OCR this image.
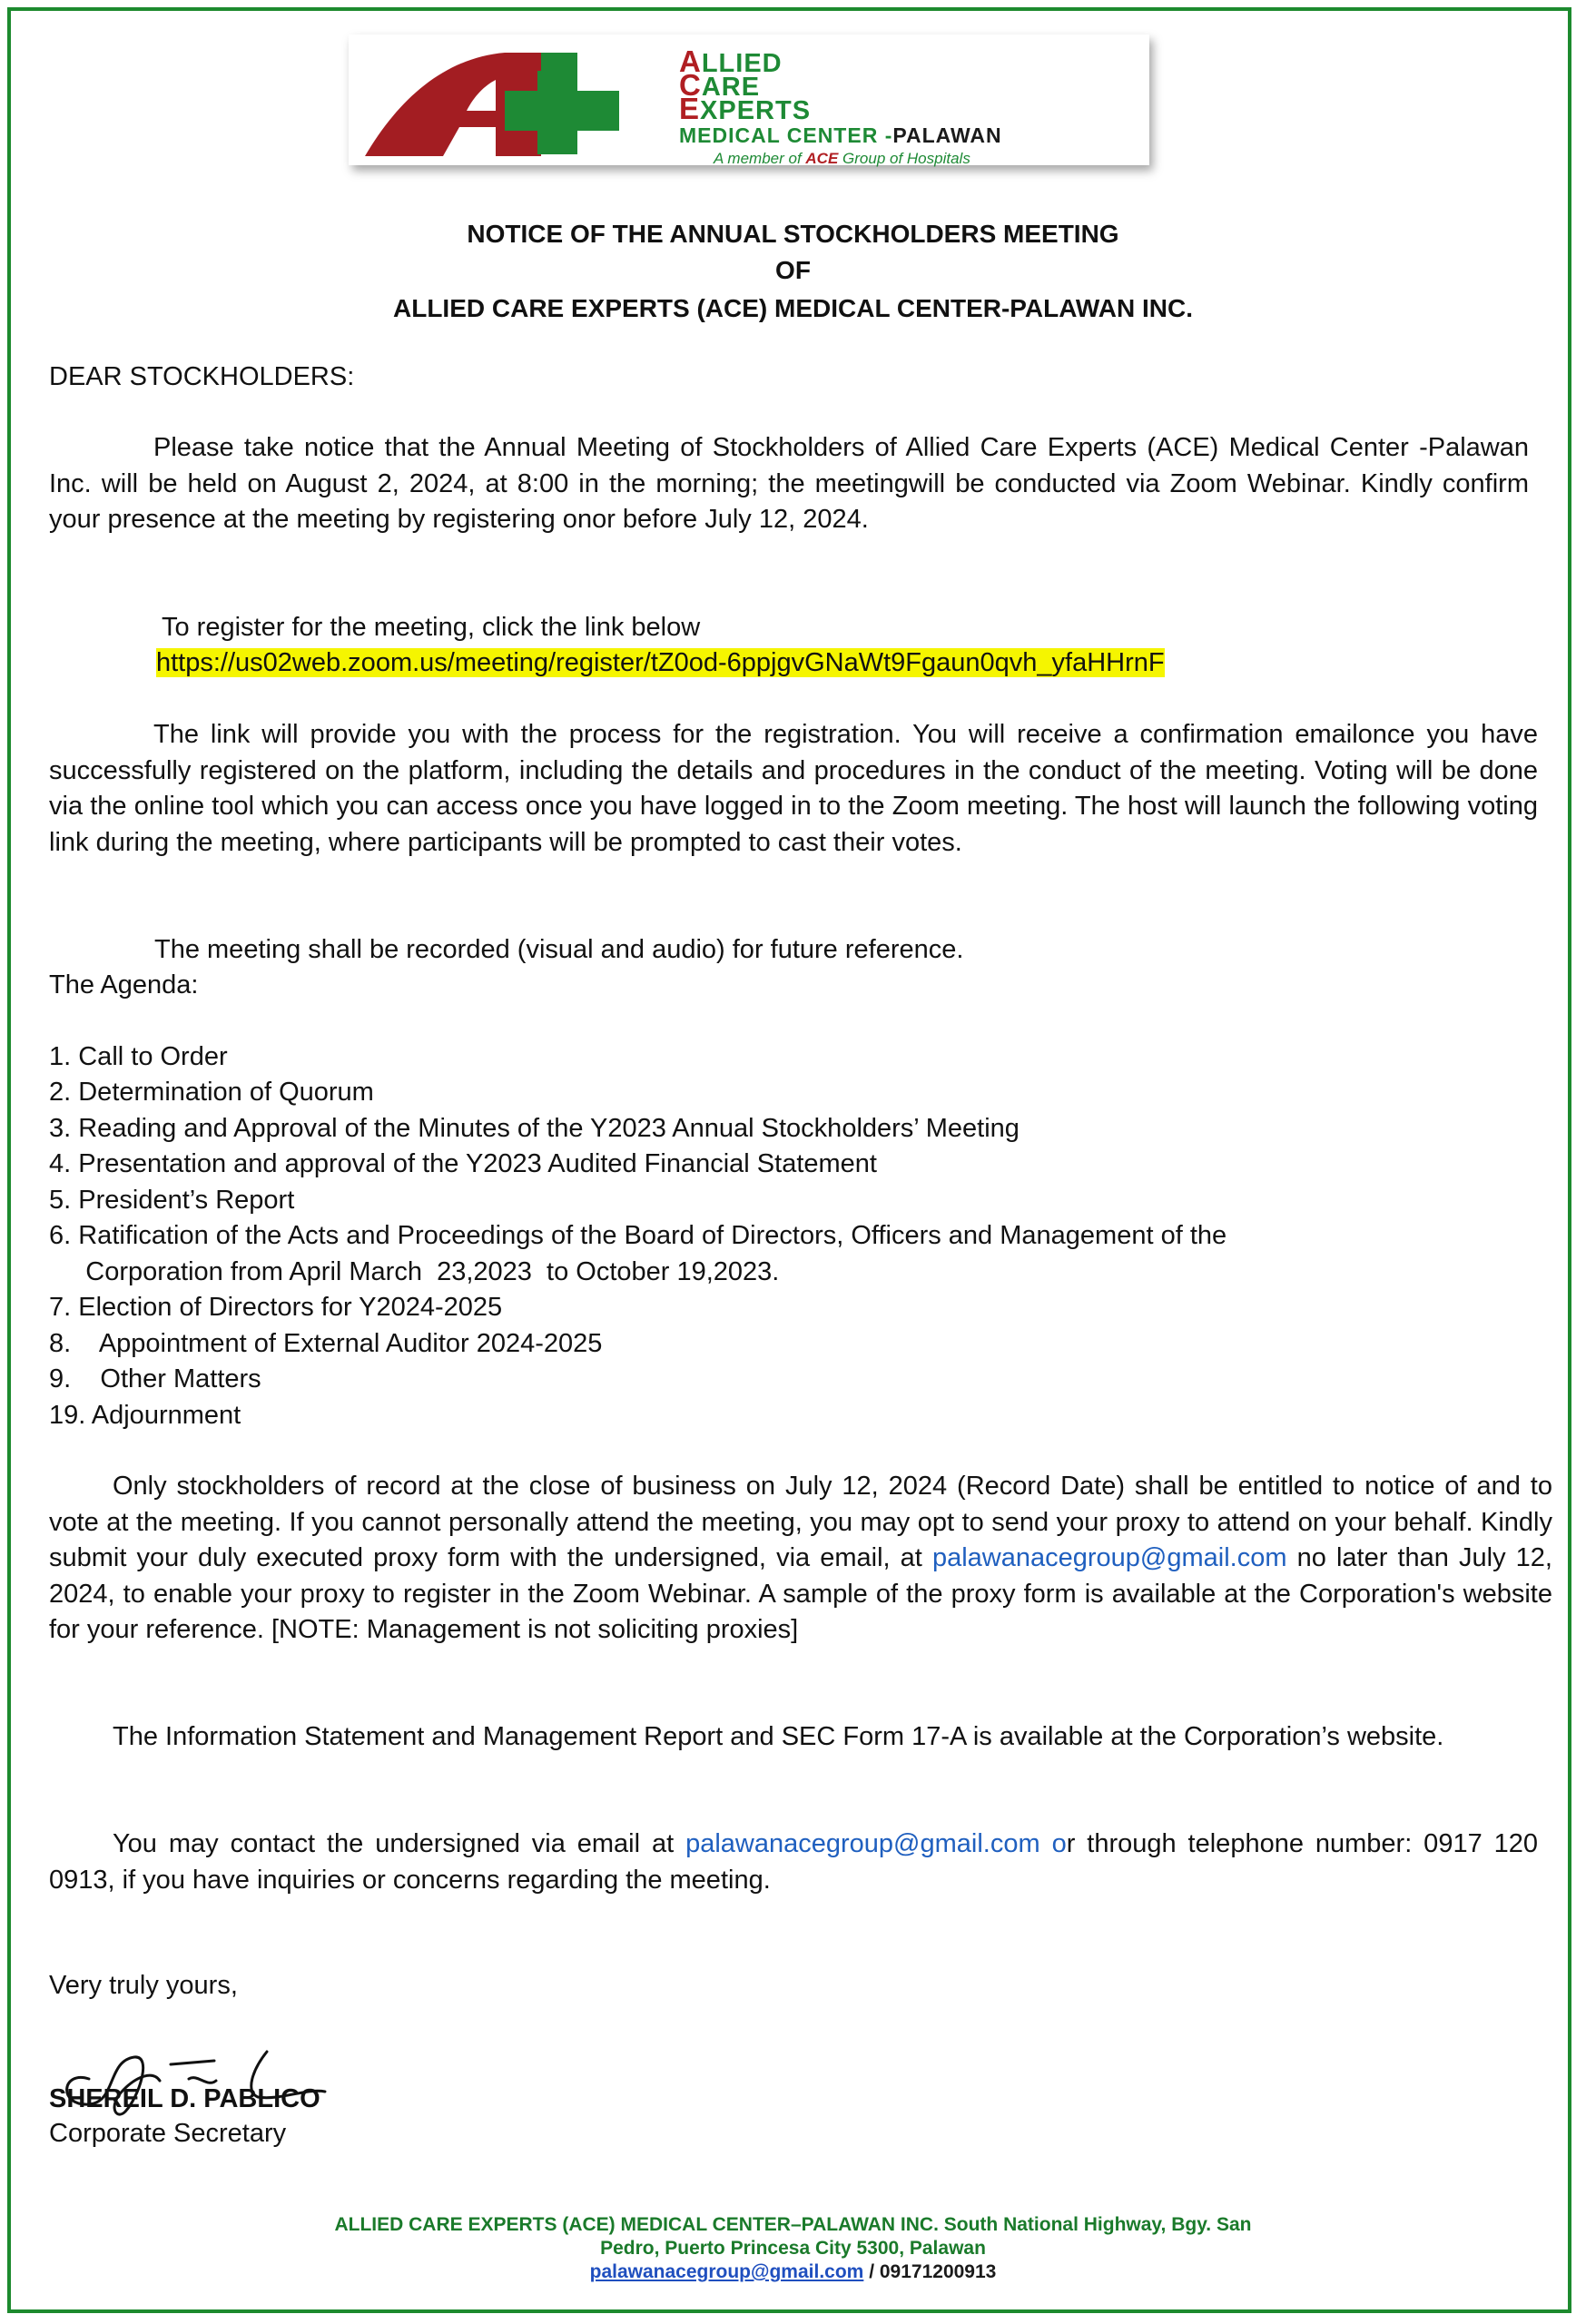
ALLIED
CARE
EXPERTS
MEDICAL CENTER -PALAWAN
A member of ACE Group of Hospitals
NOTICE OF THE ANNUAL STOCKHOLDERS MEETING
OF
ALLIED CARE EXPERTS (ACE) MEDICAL CENTER-PALAWAN INC.
DEAR STOCKHOLDERS:
Please take notice that the Annual Meeting of Stockholders of Allied Care Experts (ACE) Medical Center -Palawan Inc. will be held on August 2, 2024, at 8:00 in the morning; the meetingwill be conducted via Zoom Webinar. Kindly confirm your presence at the meeting by registering onor before July 12, 2024.
To register for the meeting, click the link below
https://us02web.zoom.us/meeting/register/tZ0od-6ppjgvGNaWt9Fgaun0qvh_yfaHHrnF
The link will provide you with the process for the registration. You will receive a confirmation emailonce you have successfully registered on the platform, including the details and procedures in the conduct of the meeting. Voting will be done via the online tool which you can access once you have logged in to the Zoom meeting. The host will launch the following voting link during the meeting, where participants will be prompted to cast their votes.
The meeting shall be recorded (visual and audio) for future reference.
The Agenda:
1. Call to Order
2. Determination of Quorum
3. Reading and Approval of the Minutes of the Y2023 Annual Stockholders’ Meeting
4. Presentation and approval of the Y2023 Audited Financial Statement
5. President’s Report
6. Ratification of the Acts and Proceedings of the Board of Directors, Officers and Management of the
Corporation from April March  23,2023  to October 19,2023.
7. Election of Directors for Y2024-2025
8.    Appointment of External Auditor 2024-2025
9.    Other Matters
19. Adjournment
Only stockholders of record at the close of business on July 12, 2024 (Record Date) shall be entitled to notice of and to vote at the meeting. If you cannot personally attend the meeting, you may opt to send your proxy to attend on your behalf. Kindly submit your duly executed proxy form with the undersigned, via email, at palawanacegroup@gmail.com no later than July 12, 2024, to enable your proxy to register in the Zoom Webinar. A sample of the proxy form is available at the Corporation's website for your reference. [NOTE: Management is not soliciting proxies]
The Information Statement and Management Report and SEC Form 17-A is available at the Corporation’s website.
You may contact the undersigned via email at palawanacegroup@gmail.com or through telephone number: 0917 120 0913, if you have inquiries or concerns regarding the meeting.
Very truly yours,
SHEREIL D. PABLICO
Corporate Secretary
ALLIED CARE EXPERTS (ACE) MEDICAL CENTER–PALAWAN INC. South National Highway, Bgy. San
Pedro, Puerto Princesa City 5300, Palawan
palawanacegroup@gmail.com / 09171200913
